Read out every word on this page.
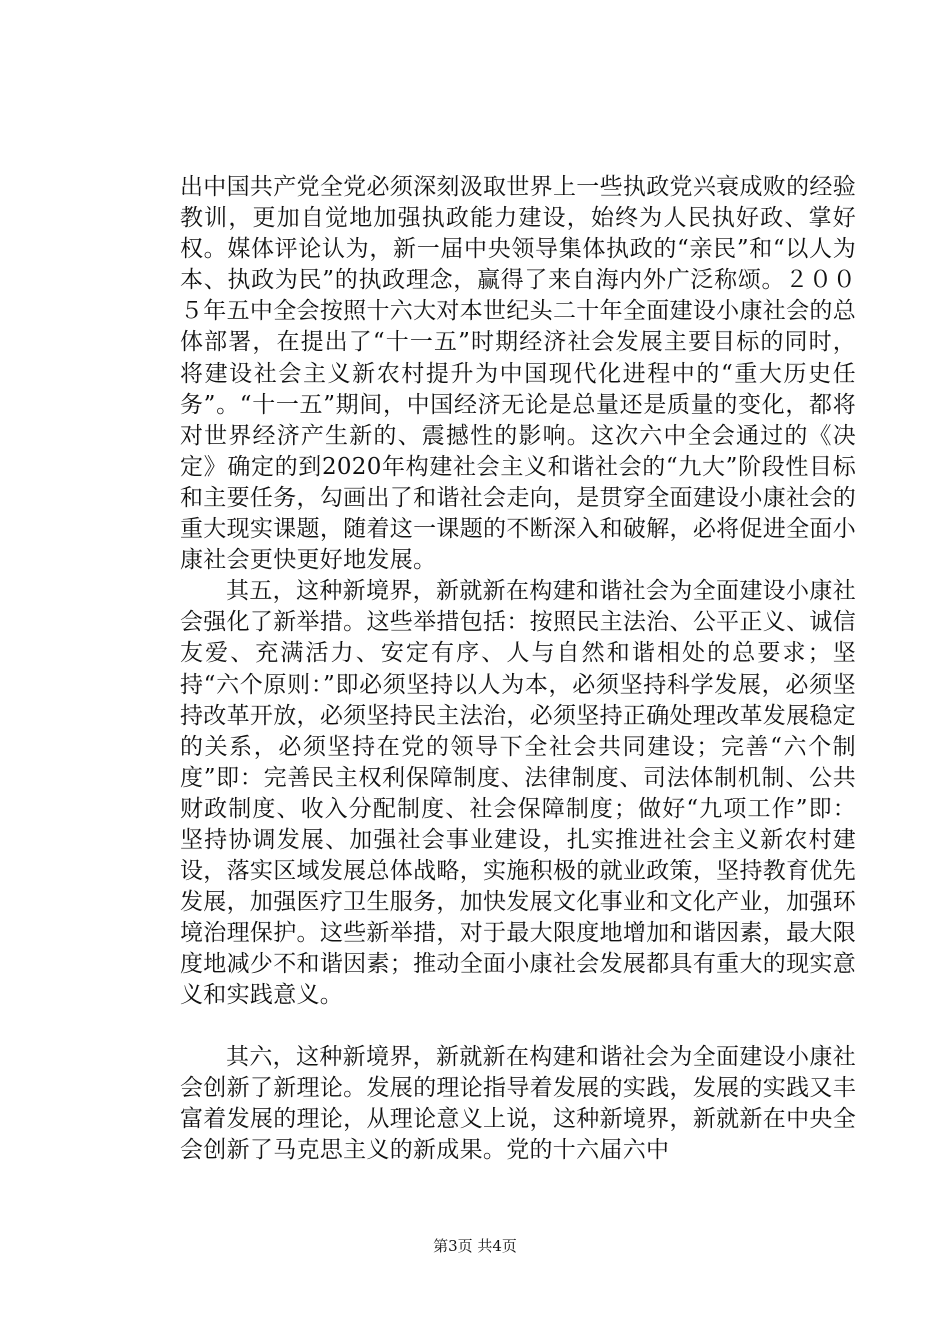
出中国共产党全党必须深刻汲取世界上一些执政党兴衰成败的经验教训，更加自觉地加强执政能力建设，始终为人民执好政、掌好权。媒体评论认为，新一届中央领导集体执政的“亲民”和“以人为本、执政为民”的执政理念，赢得了来自海内外广泛称颂。２００５年五中全会按照十六大对本世纪头二十年全面建设小康社会的总体部署，在提出了“十一五”时期经济社会发展主要目标的同时，将建设社会主义新农村提升为中国现代化进程中的“重大历史任务”。“十一五”期间，中国经济无论是总量还是质量的变化，都将对世界经济产生新的、震撼性的影响。这次六中全会通过的《决定》确定的到2020年构建社会主义和谐社会的“九大”阶段性目标和主要任务，勾画出了和谐社会走向，是贯穿全面建设小康社会的重大现实课题，随着这一课题的不断深入和破解，必将促进全面小康社会更快更好地发展。

其五，这种新境界，新就新在构建和谐社会为全面建设小康社会强化了新举措。这些举措包括：按照民主法治、公平正义、诚信友爱、充满活力、安定有序、人与自然和谐相处的总要求；坚持“六个原则：”即必须坚持以人为本，必须坚持科学发展，必须坚持改革开放，必须坚持民主法治，必须坚持正确处理改革发展稳定的关系，必须坚持在党的领导下全社会共同建设；完善“六个制度”即：完善民主权利保障制度、法律制度、司法体制机制、公共财政制度、收入分配制度、社会保障制度；做好“九项工作”即：坚持协调发展、加强社会事业建设，扎实推进社会主义新农村建设，落实区域发展总体战略，实施积极的就业政策，坚持教育优先发展，加强医疗卫生服务，加快发展文化事业和文化产业，加强环境治理保护。这些新举措，对于最大限度地增加和谐因素，最大限度地减少不和谐因素；推动全面小康社会发展都具有重大的现实意义和实践意义。

其六，这种新境界，新就新在构建和谐社会为全面建设小康社会创新了新理论。发展的理论指导着发展的实践，发展的实践又丰富着发展的理论，从理论意义上说，这种新境界，新就新在中央全会创新了马克思主义的新成果。党的十六届六中

第3页 共4页
